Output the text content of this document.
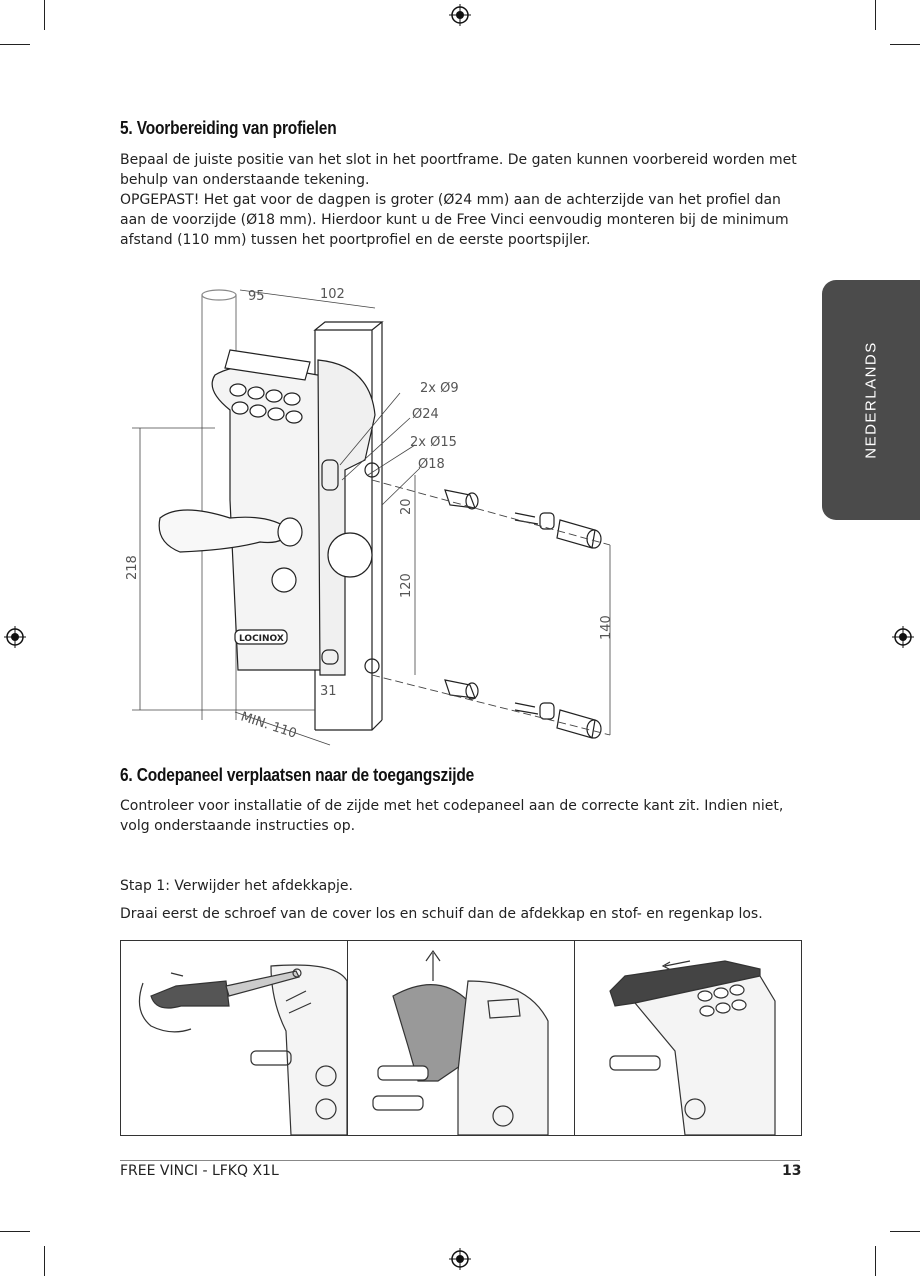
5. Voorbereiding van profielen
Bepaal de juiste positie van het slot in het poortframe. De gaten kunnen voorbereid worden met
behulp van onderstaande tekening.
OPGEPAST! Het gat voor de dagpen is groter (Ø24 mm) aan de achterzijde van het profiel dan
aan de voorzijde (Ø18 mm). Hierdoor kunt u de Free Vinci eenvoudig monteren bij de minimum
afstand (110 mm) tussen het poortprofiel en de eerste poortspijler.
NEDERLANDS
95	102
2x Ø9
Ø24
2x Ø15
Ø18
20
218
120
140
31
MIN. 110
LOCINOX
6. Codepaneel verplaatsen naar de toegangszijde
Controleer voor installatie of de zijde met het codepaneel aan de correcte kant zit. Indien niet,
volg onderstaande instructies op.
Stap 1: Verwijder het afdekkapje.
Draai eerst de schroef van de cover los en schuif dan de afdekkap en stof- en regenkap los.
FREE VINCI - LFKQ X1L	13
